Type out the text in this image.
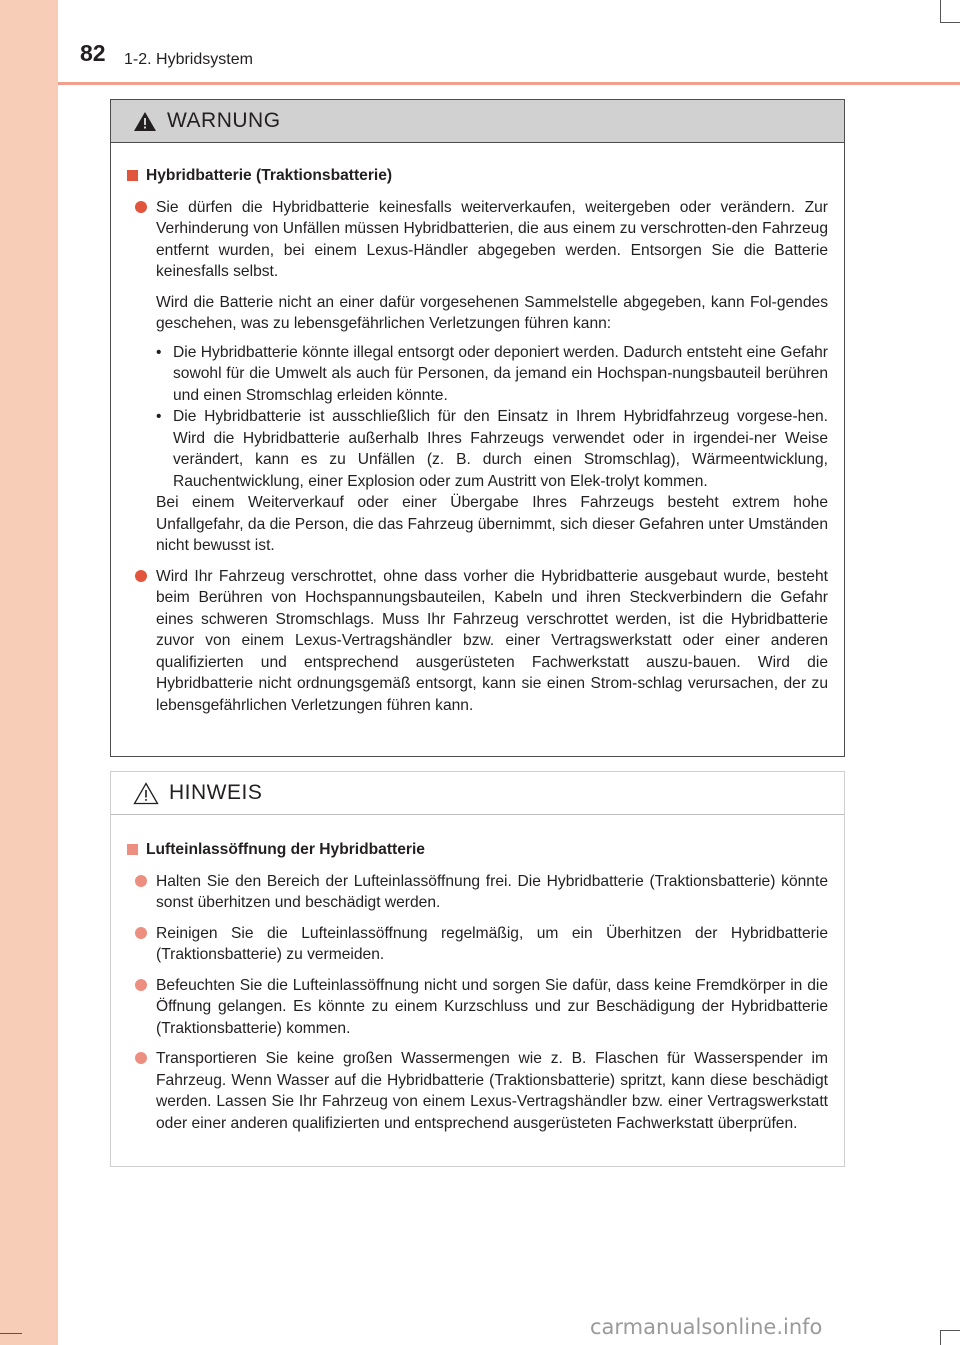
82 1-2. Hybridsystem
WARNUNG
Hybridbatterie (Traktionsbatterie)
Sie dürfen die Hybridbatterie keinesfalls weiterverkaufen, weitergeben oder verändern. Zur Verhinderung von Unfällen müssen Hybridbatterien, die aus einem zu verschrotten-den Fahrzeug entfernt wurden, bei einem Lexus-Händler abgegeben werden. Entsorgen Sie die Batterie keinesfalls selbst.
Wird die Batterie nicht an einer dafür vorgesehenen Sammelstelle abgegeben, kann Fol-gendes geschehen, was zu lebensgefährlichen Verletzungen führen kann:
• Die Hybridbatterie könnte illegal entsorgt oder deponiert werden. Dadurch entsteht eine Gefahr sowohl für die Umwelt als auch für Personen, da jemand ein Hochspan-nungsbauteil berühren und einen Stromschlag erleiden könnte.
• Die Hybridbatterie ist ausschließlich für den Einsatz in Ihrem Hybridfahrzeug vorgese-hen. Wird die Hybridbatterie außerhalb Ihres Fahrzeugs verwendet oder in irgendei-ner Weise verändert, kann es zu Unfällen (z. B. durch einen Stromschlag), Wärmeentwicklung, Rauchentwicklung, einer Explosion oder zum Austritt von Elek-trolyt kommen.
Bei einem Weiterverkauf oder einer Übergabe Ihres Fahrzeugs besteht extrem hohe Unfallgefahr, da die Person, die das Fahrzeug übernimmt, sich dieser Gefahren unter Umständen nicht bewusst ist.
Wird Ihr Fahrzeug verschrottet, ohne dass vorher die Hybridbatterie ausgebaut wurde, besteht beim Berühren von Hochspannungsbauteilen, Kabeln und ihren Steckverbindern die Gefahr eines schweren Stromschlags. Muss Ihr Fahrzeug verschrottet werden, ist die Hybridbatterie zuvor von einem Lexus-Vertragshändler bzw. einer Vertragswerkstatt oder einer anderen qualifizierten und entsprechend ausgerüsteten Fachwerkstatt auszu-bauen. Wird die Hybridbatterie nicht ordnungsgemäß entsorgt, kann sie einen Strom-schlag verursachen, der zu lebensgefährlichen Verletzungen führen kann.
HINWEIS
Lufteinlassöffnung der Hybridbatterie
Halten Sie den Bereich der Lufteinlassöffnung frei. Die Hybridbatterie (Traktionsbatterie) könnte sonst überhitzen und beschädigt werden.
Reinigen Sie die Lufteinlassöffnung regelmäßig, um ein Überhitzen der Hybridbatterie (Traktionsbatterie) zu vermeiden.
Befeuchten Sie die Lufteinlassöffnung nicht und sorgen Sie dafür, dass keine Fremdkörper in die Öffnung gelangen. Es könnte zu einem Kurzschluss und zur Beschädigung der Hybridbatterie (Traktionsbatterie) kommen.
Transportieren Sie keine großen Wassermengen wie z. B. Flaschen für Wasserspender im Fahrzeug. Wenn Wasser auf die Hybridbatterie (Traktionsbatterie) spritzt, kann diese beschädigt werden. Lassen Sie Ihr Fahrzeug von einem Lexus-Vertragshändler bzw. einer Vertragswerkstatt oder einer anderen qualifizierten und entsprechend ausgerüsteten Fachwerkstatt überprüfen.
carmanualsonline.info
